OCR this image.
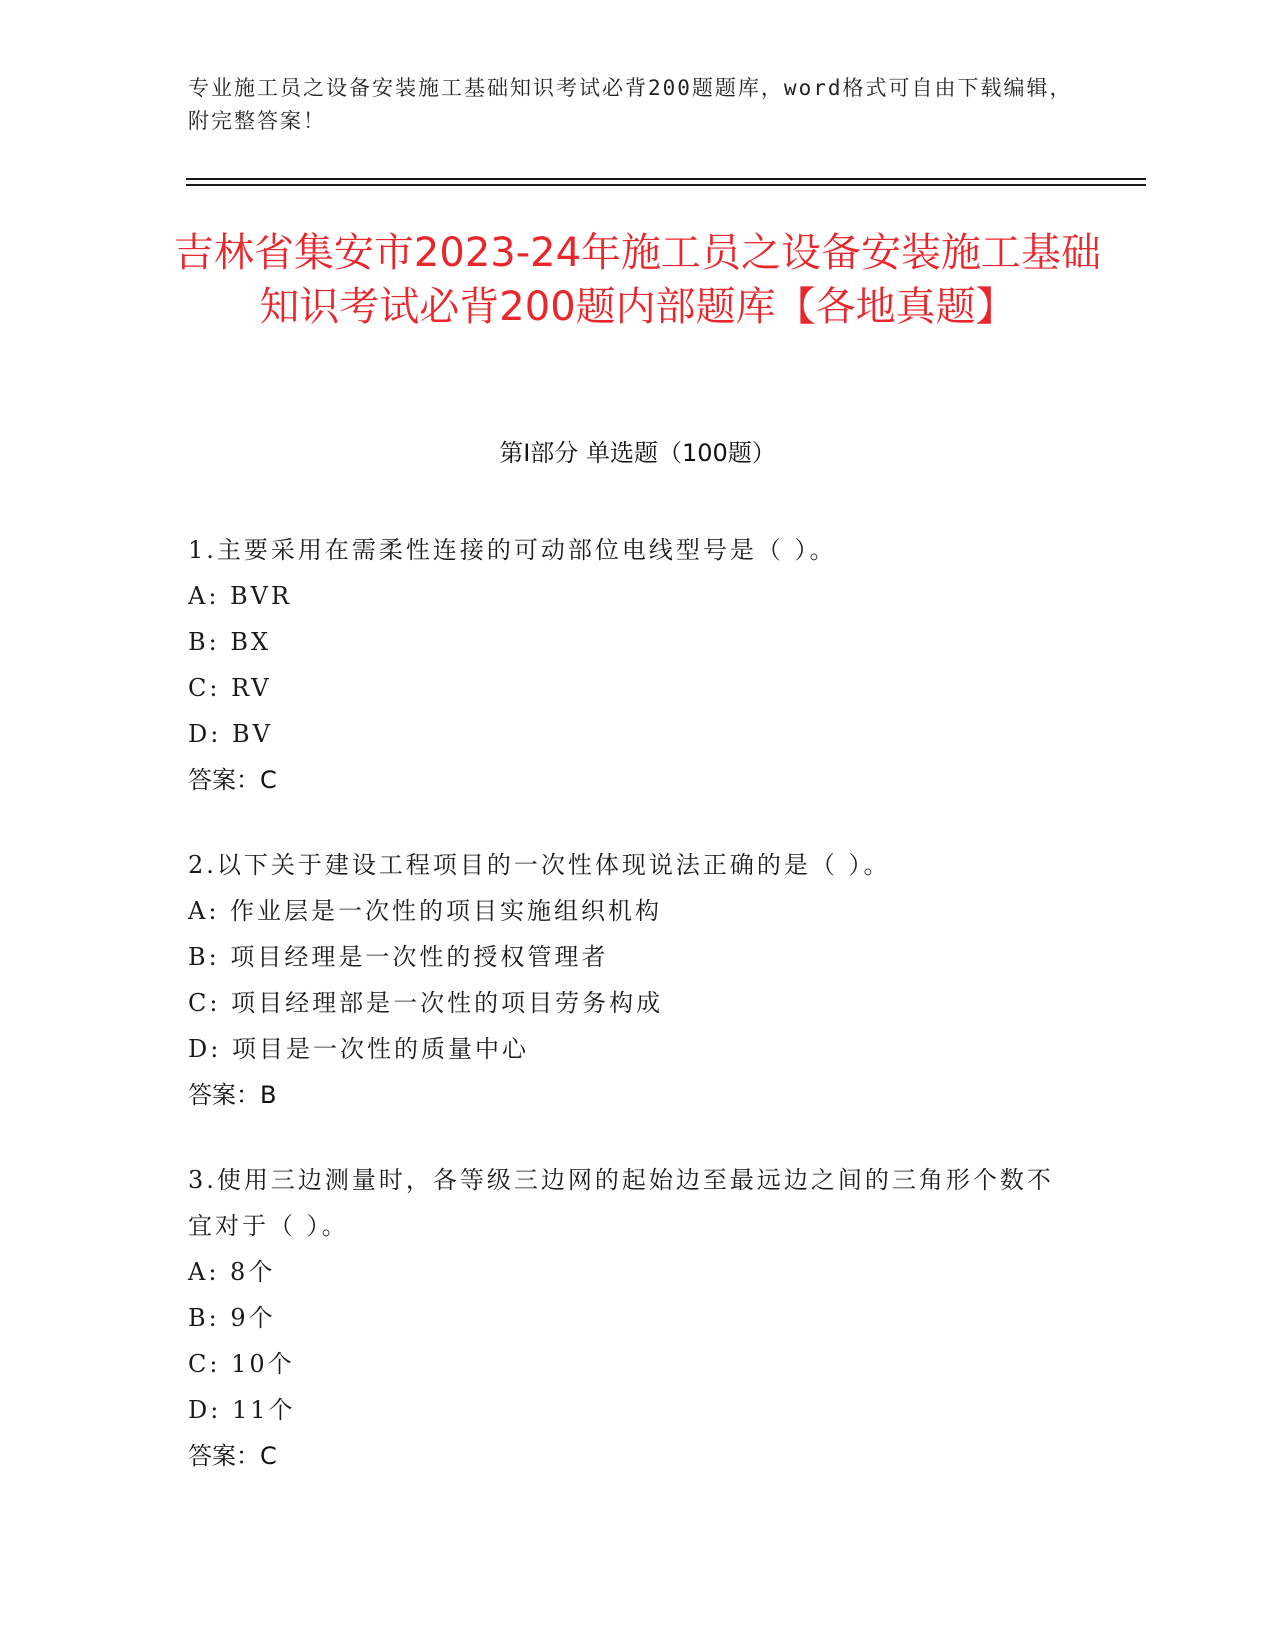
专业施工员之设备安装施工基础知识考试必背200题题库，word格式可自由下载编辑，附完整答案！
吉林省集安市2023-24年施工员之设备安装施工基础知识考试必背200题内部题库【各地真题】
第I部分 单选题（100题）
1.主要采用在需柔性连接的可动部位电线型号是（ ）。
A: BVR
B: BX
C: RV
D: BV
答案：C
2.以下关于建设工程项目的一次性体现说法正确的是（ ）。
A: 作业层是一次性的项目实施组织机构
B: 项目经理是一次性的授权管理者
C: 项目经理部是一次性的项目劳务构成
D: 项目是一次性的质量中心
答案：B
3.使用三边测量时，各等级三边网的起始边至最远边之间的三角形个数不宜对于（ ）。
A: 8个
B: 9个
C: 10个
D: 11个
答案：C
